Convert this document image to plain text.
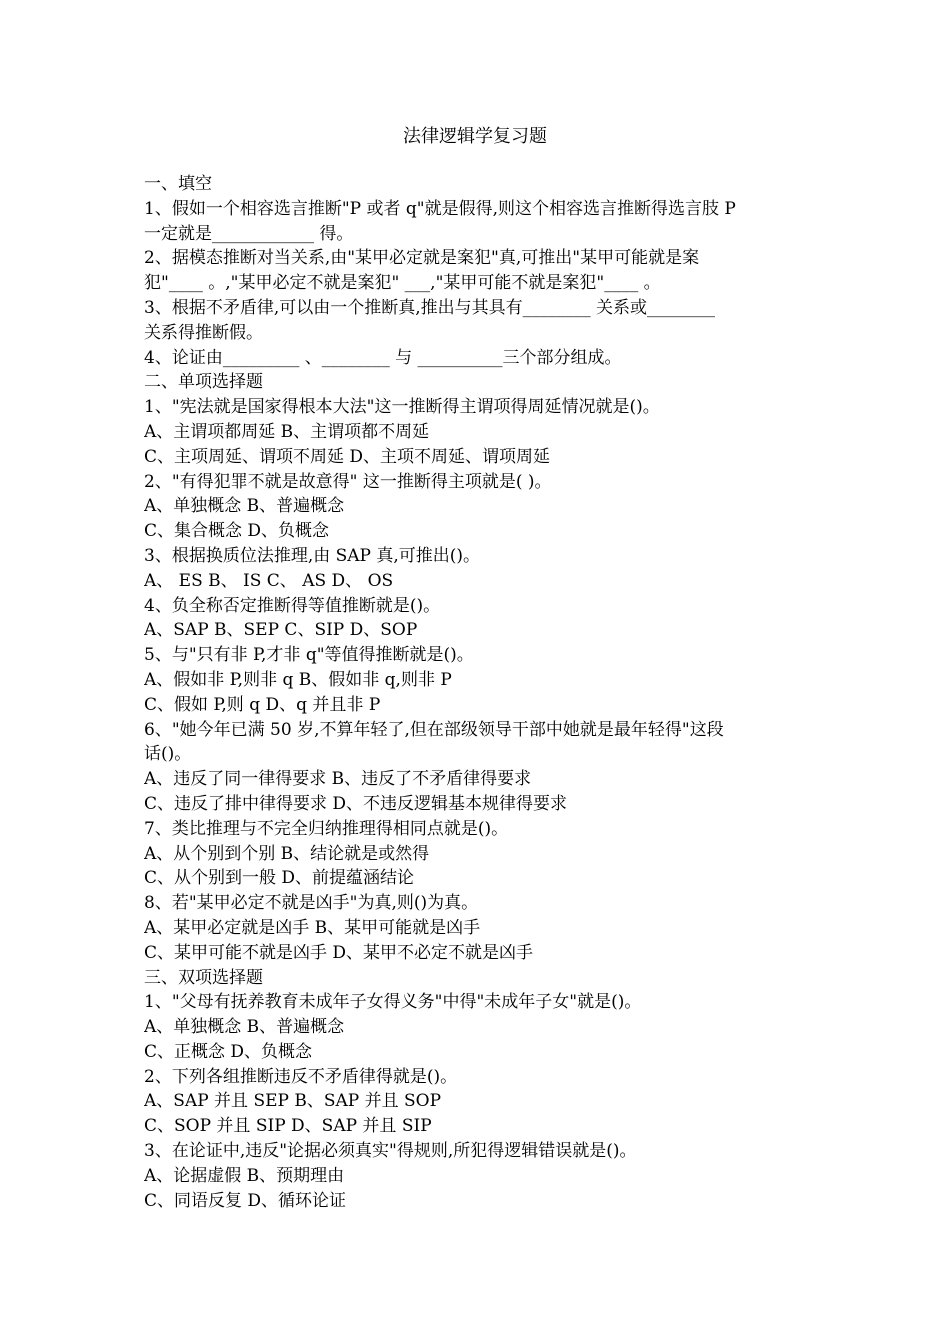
法律逻辑学复习题
一、填空
1、假如一个相容选言推断"P 或者 q"就是假得,则这个相容选言推断得选言肢 P
一定就是____________ 得。
2、据模态推断对当关系,由"某甲必定就是案犯"真,可推出"某甲可能就是案
犯"____ 。,"某甲必定不就是案犯" ___,"某甲可能不就是案犯"____ 。
3、根据不矛盾律,可以由一个推断真,推出与其具有________ 关系或________
关系得推断假。
4、论证由_________ 、________ 与 __________三个部分组成。
二、单项选择题
1、"宪法就是国家得根本大法"这一推断得主谓项得周延情况就是()。
A、主谓项都周延 B、主谓项都不周延
C、主项周延、谓项不周延 D、主项不周延、谓项周延
2、"有得犯罪不就是故意得" 这一推断得主项就是( )。
A、单独概念 B、普遍概念
C、集合概念 D、负概念
3、根据换质位法推理,由 SAP 真,可推出()。
A、 ES B、 IS C、 AS D、 OS
4、负全称否定推断得等值推断就是()。
A、SAP B、SEP C、SIP D、SOP
5、与"只有非 P,才非 q"等值得推断就是()。
A、假如非 P,则非 q B、假如非 q,则非 P
C、假如 P,则 q D、q 并且非 P
6、"她今年已满 50 岁,不算年轻了,但在部级领导干部中她就是最年轻得"这段
话()。
A、违反了同一律得要求 B、违反了不矛盾律得要求
C、违反了排中律得要求 D、不违反逻辑基本规律得要求
7、类比推理与不完全归纳推理得相同点就是()。
A、从个别到个别 B、结论就是或然得
C、从个别到一般 D、前提蕴涵结论
8、若"某甲必定不就是凶手"为真,则()为真。
A、某甲必定就是凶手 B、某甲可能就是凶手
C、某甲可能不就是凶手 D、某甲不必定不就是凶手
三、双项选择题
1、"父母有抚养教育未成年子女得义务"中得"未成年子女"就是()。
A、单独概念 B、普遍概念
C、正概念 D、负概念
2、下列各组推断违反不矛盾律得就是()。
A、SAP 并且 SEP B、SAP 并且 SOP
C、SOP 并且 SIP D、SAP 并且 SIP
3、在论证中,违反"论据必须真实"得规则,所犯得逻辑错误就是()。
A、论据虚假 B、预期理由
C、同语反复 D、循环论证
